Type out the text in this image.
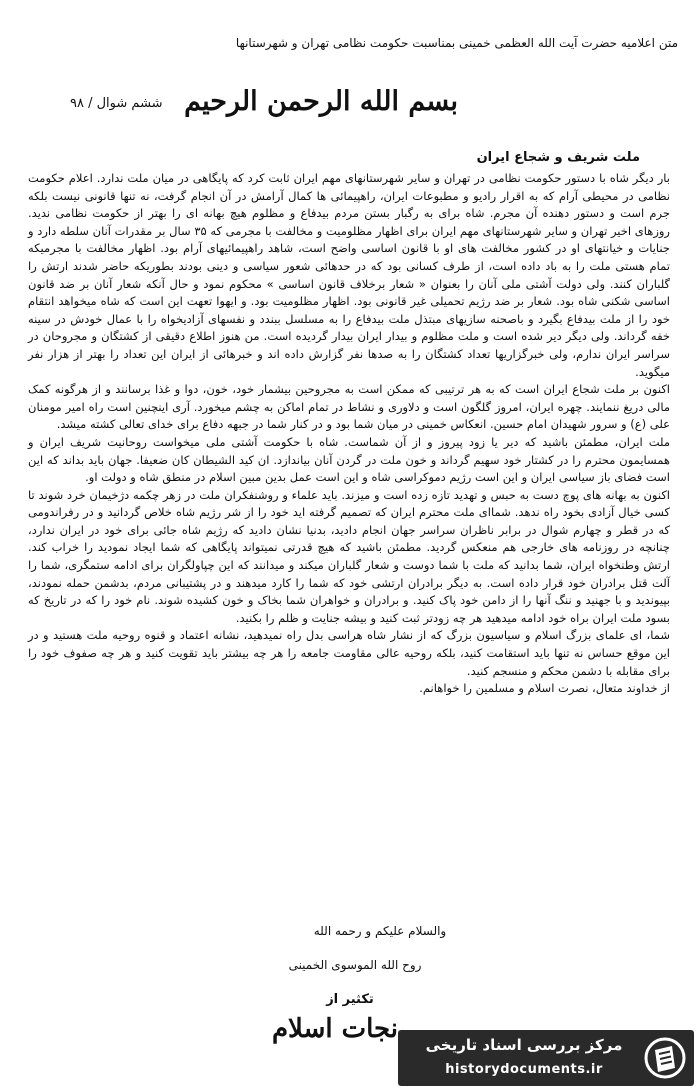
متن اعلامیه حضرت آیت الله العظمی خمینی بمناسبت حکومت نظامی تهران و شهرستانها
ششم شوال / ۹۸ بسم الله الرحمن الرحیم
ملت شریف و شجاع ایران

بار دیگر شاه با دستور حکومت نظامی در تهران و سایر شهرستانهای مهم ایران ثابت کرد که پایگاهی در میان ملت ندارد. اعلام حکومت نظامی در محیطی آرام که به اقرار رادیو و مطبوعات ایران، راهپیمائی ها کمال آرامش در آن انجام گرفت، نه تنها قانونی نیست بلکه جرم است و دستور دهنده آن مجرم. شاه برای به رگبار بستن مردم بیدفاع و مظلوم هیچ بهانه ای را بهتر از حکومت نظامی ندید. روزهای اخیر تهران و سایر شهرستانهای مهم ایران برای اظهار مظلومیت و مخالفت با مجرمی که ۳۵ سال بر مقدرات آنان سلطه دارد و جنایات و خیانتهای او در کشور مخالفت های او با قانون اساسی واضح است، شاهد راهپیمائیهای آرام بود. اظهار مخالفت با مجرمیکه تمام هستی ملت را به باد داده است، از طرف کسانی بود که در حدهائی شعور سیاسی و دینی بودند بطوریکه حاضر شدند ارتش را گلباران کنند. ولی دولت آشتی ملی آنان را بعنوان « شعار برخلاف قانون اساسی » محکوم نمود و حال آنکه شعار آنان بر ضد قانون اساسی شکنی شاه بود. شعار بر ضد رژیم تحمیلی غیر قانونی بود. اظهار مظلومیت بود. و ایهوا تعهت این است که شاه میخواهد انتقام خود را از ملت بیدفاع بگیرد و باصحنه سازیهای مبتذل ملت بیدفاع را به مسلسل ببندد و نفسهای آزادیخواه را با عمال خودش در سینه خفه گرداند. ولی دیگر دیر شده است و ملت مظلوم و بیدار ایران بیدار گردیده است. من هنوز اطلاع دقیقی از کشتگان و مجروحان در سراسر ایران ندارم، ولی خبرگزاریها تعداد کشتگان را به صدها نفر گزارش داده اند و خبرهائی از ایران این تعداد را بهتر از هزار نفر میگوید.

اکنون بر ملت شجاع ایران است که به هر ترتیبی که ممکن است به مجروحین بیشمار خود، خون، دوا و غذا برسانند و از هرگونه کمک مالی دریغ ننمایند. چهره ایران، امروز گلگون است و دلاوری و نشاط در تمام اماکن به چشم میخورد. آری اینچنین است راه امیر مومنان علی (ع) و سرور شهیدان امام حسین. انعکاس خمینی در میان شما بود و در کنار شما در جبهه دفاع برای خدای تعالی کشته میشد.

ملت ایران، مطمئن باشید که دیر یا زود پیروز و از آن شماست. شاه با حکومت آشتی ملی میخواست روحانیت شریف ایران و همسایمون محترم را در کشتار خود سهیم گرداند و خون ملت در گردن آنان بیاندازد. ان کید الشیطان کان ضعیفا. جهان باید بداند که این است فضای باز سیاسی ایران و این است رژیم دموکراسی شاه و این است عمل بدین مبین اسلام در منطق شاه و دولت او.

اکنون به بهانه های پوچ دست به حبس و تهدید تازه زده است و میزند. باید علماء و روشنفکران ملت در زهر چکمه دژخیمان خرد شوند تا کسی خیال آزادی بخود راه ندهد. شماای ملت محترم ایران که تصمیم گرفته اید خود را از شر رژیم شاه خلاص گردانید و در رفراندومی که در قطر و چهارم شوال در برابر ناظران سراسر جهان انجام دادید، بدنیا نشان دادید که رژیم شاه جائی برای خود در ایران ندارد، چنانچه در روزنامه های خارجی هم منعکس گردید. مطمئن باشید که هیچ قدرتی نمیتواند پایگاهی که شما ایجاد نمودید را خراب کند. ارتش وطنخواه ایران، شما بدانید که ملت با شما دوست و شعار گلباران میکند و میدانند که این چپاولگران برای ادامه ستمگری، شما را آلت قتل برادران خود قرار داده است. به دیگر برادران ارتشی خود که شما را کارد میدهند و در پشتیبانی مردم، بدشمن حمله نمودند، بپیوندید و با جهنید و ننگ آنها را از دامن خود پاک کنید. و برادران و خواهران شما بخاک و خون کشیده شوند. نام خود را که در تاریخ که بسود ملت ایران براه خود ادامه میدهید هر چه زودتر ثبت کنید و بیشه جنایت و ظلم را بکنید.

شما، ای علمای بزرگ اسلام و سیاسیون بزرگ که از نشار شاه هراسی بدل راه نمیدهید، نشانه اعتماد و قنوه روحیه ملت هستید و در این موقع حساس نه تنها باید استقامت کنید، بلکه روحیه عالی مقاومت جامعه را هر چه بیشتر باید تقویت کنید و هر چه صفوف خود را برای مقابله با دشمن محکم و منسجم کنید.

از خداوند متعال، نصرت اسلام و مسلمین را خواهانم.

والسلام علیکم و رحمه الله
روح الله الموسوی الخمینی
تکثیر از
نجات اسلام
مرکز بررسی اسناد تاریخی
historydocuments.ir
